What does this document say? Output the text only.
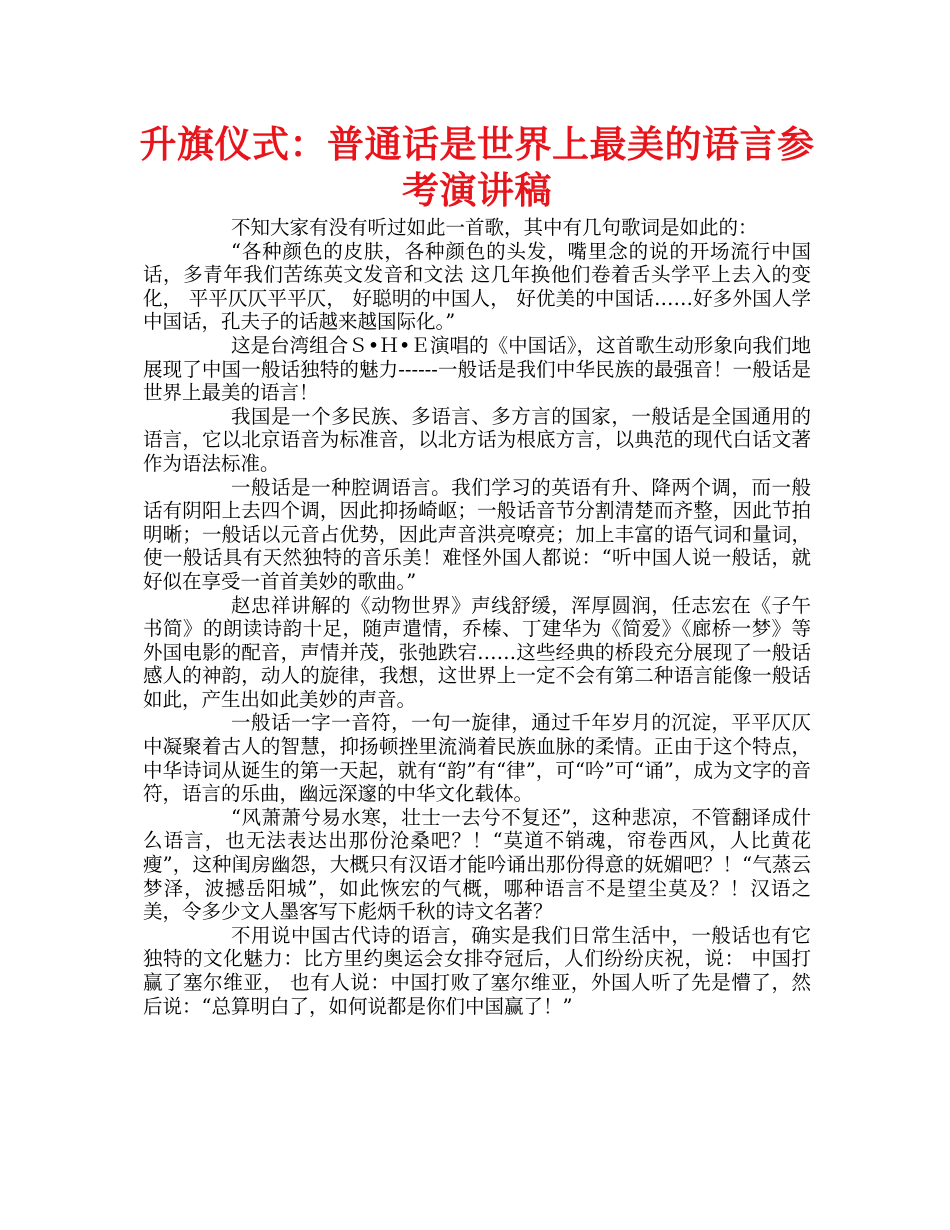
升旗仪式：普通话是世界上最美的语言参考演讲稿

不知大家有没有听过如此一首歌，其中有几句歌词是如此的：

“各种颜色的皮肤，各种颜色的头发，嘴里念的说的开场流行中国话，多青年我们苦练英文发音和文法 这几年换他们卷着舌头学平上去入的变化， 平平仄仄平平仄， 好聪明的中国人， 好优美的中国话……好多外国人学中国话，孔夫子的话越来越国际化。”

这是台湾组合Ｓ•Ｈ•Ｅ演唱的《中国话》，这首歌生动形象向我们地展现了中国一般话独特的魅力------一般话是我们中华民族的最强音！一般话是世界上最美的语言！

我国是一个多民族、多语言、多方言的国家，一般话是全国通用的语言，它以北京语音为标准音，以北方话为根底方言，以典范的现代白话文著作为语法标准。

一般话是一种腔调语言。我们学习的英语有升、降两个调，而一般话有阴阳上去四个调，因此抑扬崎岖；一般话音节分割清楚而齐整，因此节拍明晰；一般话以元音占优势，因此声音洪亮嘹亮；加上丰富的语气词和量词，使一般话具有天然独特的音乐美！难怪外国人都说：“听中国人说一般话，就好似在享受一首首美妙的歌曲。”

赵忠祥讲解的《动物世界》声线舒缓，浑厚圆润，任志宏在《子午书简》的朗读诗韵十足，随声遣情，乔榛、丁建华为《简爱》《廊桥一梦》等外国电影的配音，声情并茂，张弛跌宕……这些经典的桥段充分展现了一般话感人的神韵，动人的旋律，我想，这世界上一定不会有第二种语言能像一般话如此，产生出如此美妙的声音。

一般话一字一音符，一句一旋律，通过千年岁月的沉淀，平平仄仄中凝聚着古人的智慧，抑扬顿挫里流淌着民族血脉的柔情。正由于这个特点，中华诗词从诞生的第一天起，就有“韵”有“律”，可“吟”可“诵”，成为文字的音符，语言的乐曲，幽远深邃的中华文化载体。

“风萧萧兮易水寒，壮士一去兮不复还”，这种悲凉，不管翻译成什么语言，也无法表达出那份沧桑吧？！“莫道不销魂，帘卷西风，人比黄花瘦”，这种闺房幽怨，大概只有汉语才能吟诵出那份得意的妩媚吧？！“气蒸云梦泽，波撼岳阳城”，如此恢宏的气概，哪种语言不是望尘莫及？！汉语之美，令多少文人墨客写下彪炳千秋的诗文名著？

不用说中国古代诗的语言，确实是我们日常生活中，一般话也有它独特的文化魅力：比方里约奥运会女排夺冠后，人们纷纷庆祝，说： 中国打赢了塞尔维亚， 也有人说：中国打败了塞尔维亚，外国人听了先是懵了，然后说：“总算明白了，如何说都是你们中国赢了！”
